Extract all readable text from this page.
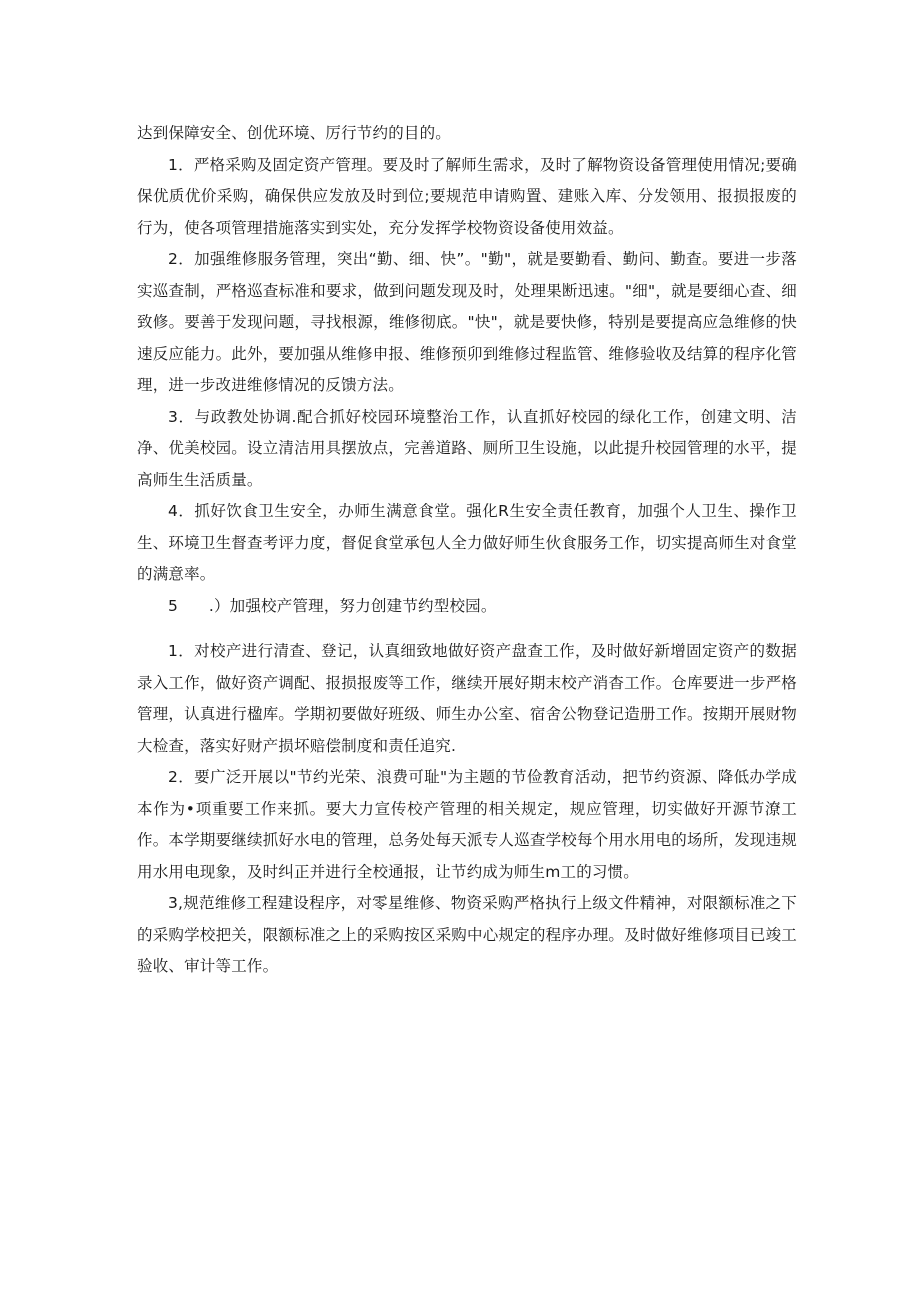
达到保障安全、创优环境、厉行节约的目的。

1．严格采购及固定资产管理。要及时了解师生需求，及时了解物资设备管理使用情况;要确保优质优价采购，确保供应发放及时到位;要规范申请购置、建账入库、分发领用、报损报废的行为，使各项管理措施落实到实处，充分发挥学校物资设备使用效益。

2．加强维修服务管理，突出“勤、细、快”。"勤"，就是要勤看、勤问、勤查。要进一步落实巡查制，严格巡查标准和要求，做到问题发现及时，处理果断迅速。"细"，就是要细心查、细致修。要善于发现问题，寻找根源，维修彻底。"快"，就是要快修，特别是要提高应急维修的快速反应能力。此外，要加强从维修申报、维修预卯到维修过程监管、维修验收及结算的程序化管理，进一步改进维修情况的反馈方法。

3．与政教处协调.配合抓好校园环境整治工作，认直抓好校园的绿化工作，创建文明、洁净、优美校园。设立清洁用具摆放点，完善道路、厕所卫生设施，以此提升校园管理的水平，提高师生生活质量。

4．抓好饮食卫生安全，办师生满意食堂。强化R生安全责任教育，加强个人卫生、操作卫生、环境卫生督查考评力度，督促食堂承包人全力做好师生伙食服务工作，切实提高师生对食堂的满意率。

5      .）加强校产管理，努力创建节约型校园。

1．对校产进行清查、登记，认真细致地做好资产盘查工作，及时做好新增固定资产的数据录入工作，做好资产调配、报损报废等工作，继续开展好期末校产消杳工作。仓库要进一步严格管理，认真进行楹库。学期初要做好班级、师生办公室、宿舍公物登记造册工作。按期开展财物大检查，落实好财产损坏赔偿制度和责任追究.

2．要广泛开展以"节约光荣、浪费可耻"为主题的节俭教育活动，把节约资源、降低办学成本作为•项重要工作来抓。要大力宣传校产管理的相关规定，规应管理，切实做好开源节潦工作。本学期要继续抓好水电的管理，总务处每天派专人巡查学校每个用水用电的场所，发现违规用水用电现象，及时纠正并进行全校通报，让节约成为师生m工的习惯。

3,规范维修工程建设程序，对零星维修、物资采购严格执行上级文件精神，对限额标准之下的采购学校把关，限额标准之上的采购按区采购中心规定的程序办理。及时做好维修项目已竣工验收、审计等工作。
